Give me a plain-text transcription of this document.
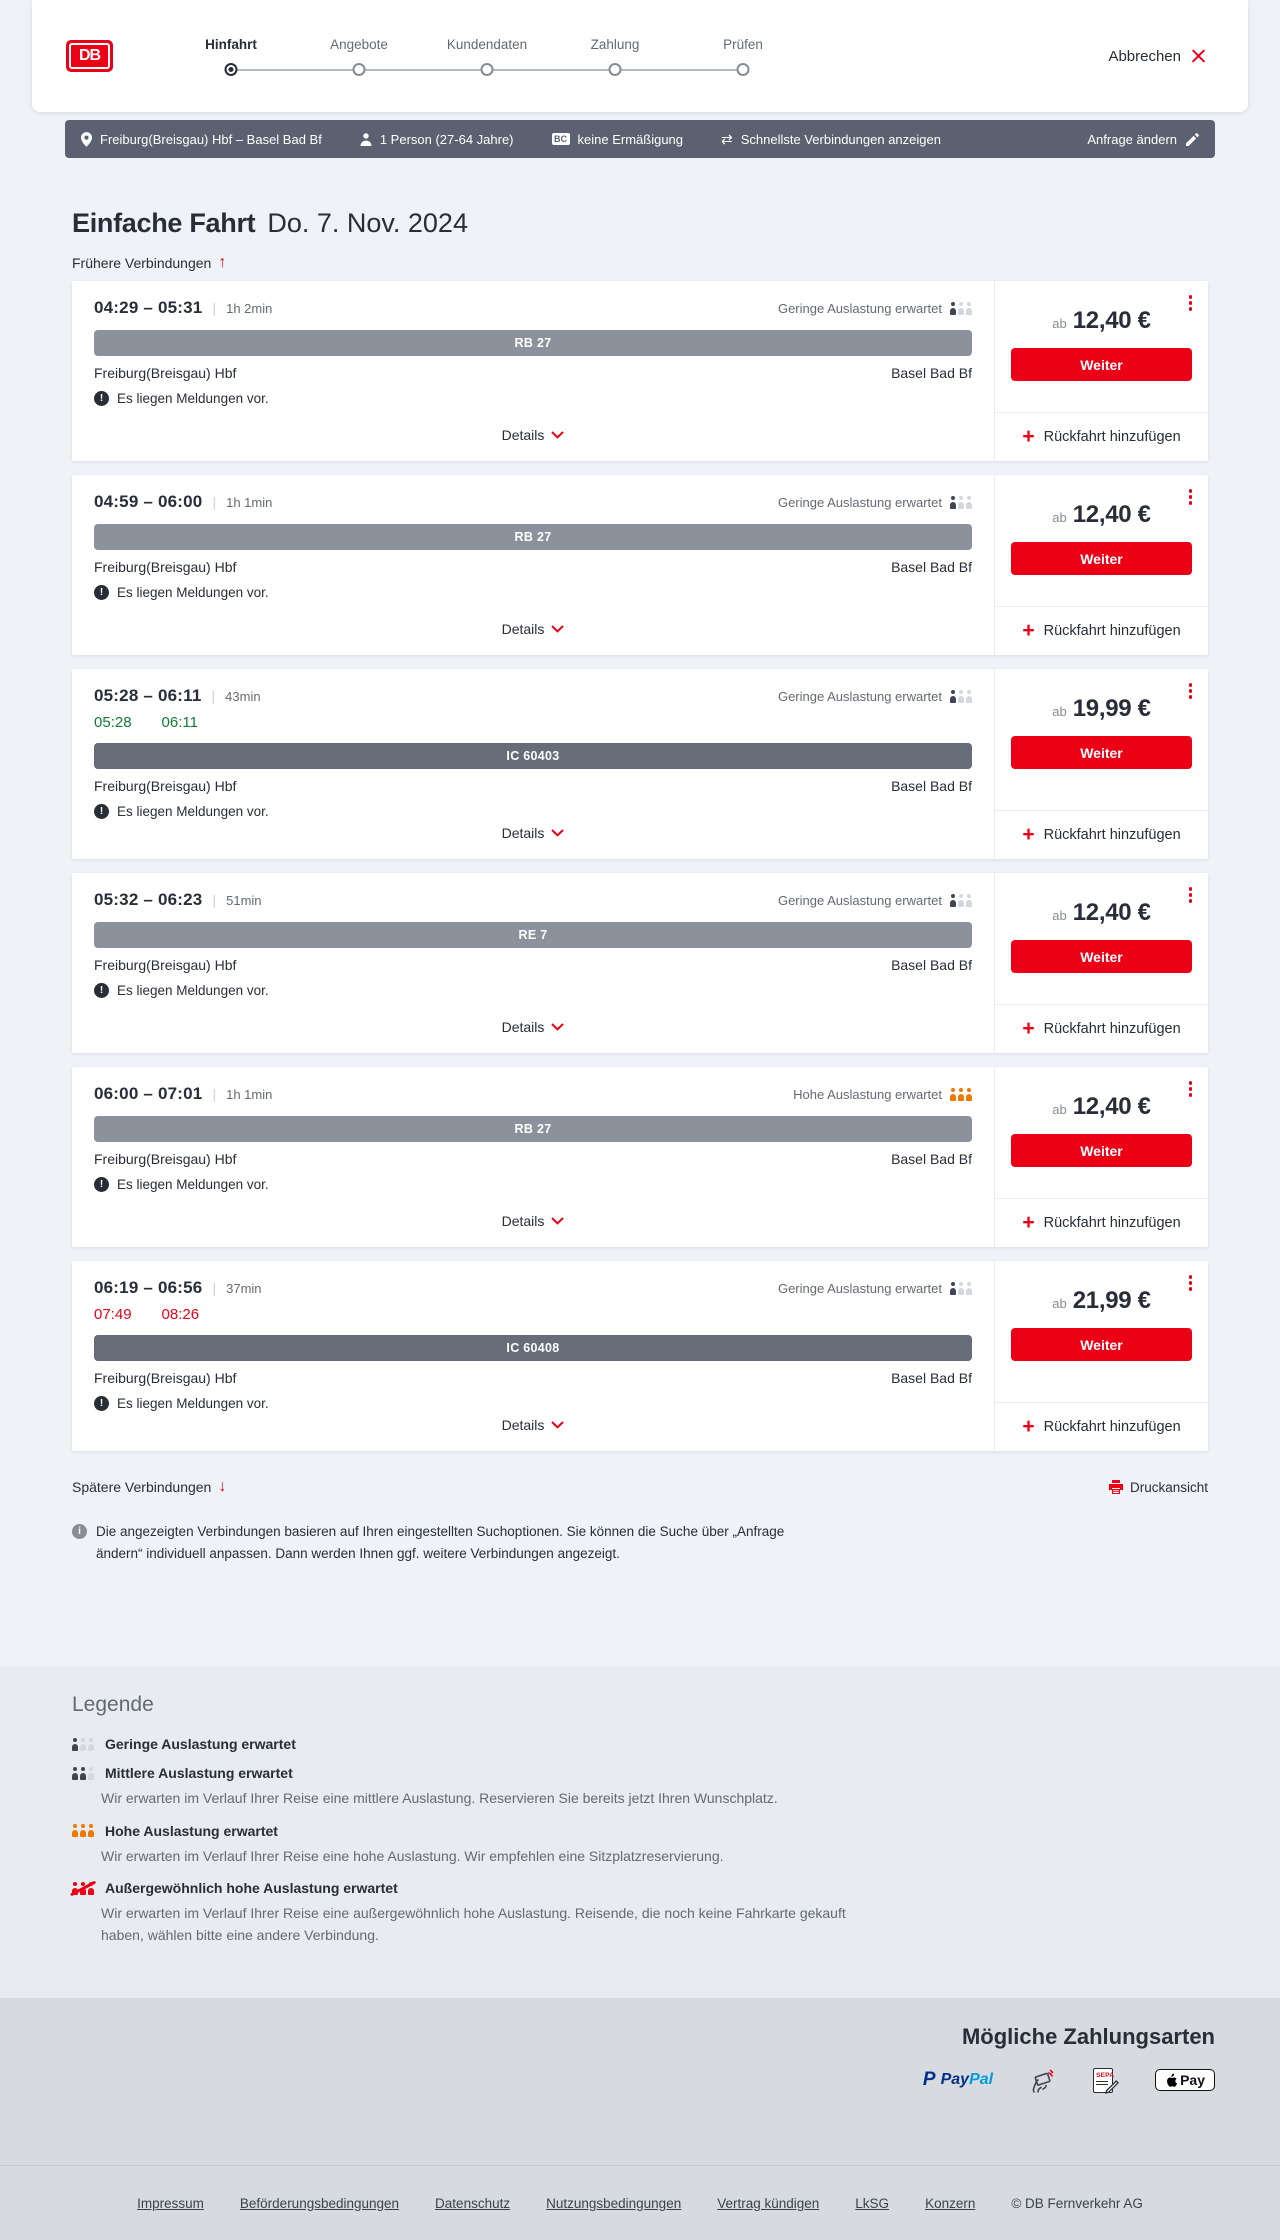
DB
Hinfahrt	Angebote	Kundendaten	Zahlung	Prüfen
Abbrechen
Freiburg(Breisgau) Hbf – Basel Bad Bf	1 Person (27-64 Jahre)	BC keine Ermäßigung	⇄ Schnellste Verbindungen anzeigen	Anfrage ändern
Einfache Fahrt Do. 7. Nov. 2024
Frühere Verbindungen ↑
04:29 – 05:31 | 1h 2min	Geringe Auslastung erwartet
RB 27
Freiburg(Breisgau) Hbf	Basel Bad Bf
!	Es liegen Meldungen vor.
Details
ab 12,40 €
Weiter
+ Rückfahrt hinzufügen
04:59 – 06:00 | 1h 1min	Geringe Auslastung erwartet
RB 27
Freiburg(Breisgau) Hbf	Basel Bad Bf
!	Es liegen Meldungen vor.
Details
ab 12,40 €
Weiter
+ Rückfahrt hinzufügen
05:28 – 06:11 | 43min	Geringe Auslastung erwartet
05:28 06:11
IC 60403
Freiburg(Breisgau) Hbf	Basel Bad Bf
!	Es liegen Meldungen vor.
Details
ab 19,99 €
Weiter
+ Rückfahrt hinzufügen
05:32 – 06:23 | 51min	Geringe Auslastung erwartet
RE 7
Freiburg(Breisgau) Hbf	Basel Bad Bf
!	Es liegen Meldungen vor.
Details
ab 12,40 €
Weiter
+ Rückfahrt hinzufügen
06:00 – 07:01 | 1h 1min	Hohe Auslastung erwartet
RB 27
Freiburg(Breisgau) Hbf	Basel Bad Bf
!	Es liegen Meldungen vor.
Details
ab 12,40 €
Weiter
+ Rückfahrt hinzufügen
06:19 – 06:56 | 37min	Geringe Auslastung erwartet
07:49 08:26
IC 60408
Freiburg(Breisgau) Hbf	Basel Bad Bf
!	Es liegen Meldungen vor.
Details
ab 21,99 €
Weiter
+ Rückfahrt hinzufügen
Spätere Verbindungen ↓	Druckansicht
i	Die angezeigten Verbindungen basieren auf Ihren eingestellten Suchoptionen. Sie können die Suche über „Anfrage ändern“ individuell anpassen. Dann werden Ihnen ggf. weitere Verbindungen angezeigt.

Legende
Geringe Auslastung erwartet
Mittlere Auslastung erwartet

Wir erwarten im Verlauf Ihrer Reise eine mittlere Auslastung. Reservieren Sie bereits jetzt Ihren Wunschplatz.

Hohe Auslastung erwartet

Wir erwarten im Verlauf Ihrer Reise eine hohe Auslastung. Wir empfehlen eine Sitzplatzreservierung.

Außergewöhnlich hohe Auslastung erwartet

Wir erwarten im Verlauf Ihrer Reise eine außergewöhnlich hohe Auslastung. Reisende, die noch keine Fahrkarte gekauft haben, wählen bitte eine andere Verbindung.

Mögliche Zahlungsarten
P P PayPal	SEPA	Pay
Impressum	Beförderungsbedingungen	Datenschutz	Nutzungsbedingungen	Vertrag kündigen	LkSG	Konzern	© DB Fernverkehr AG
